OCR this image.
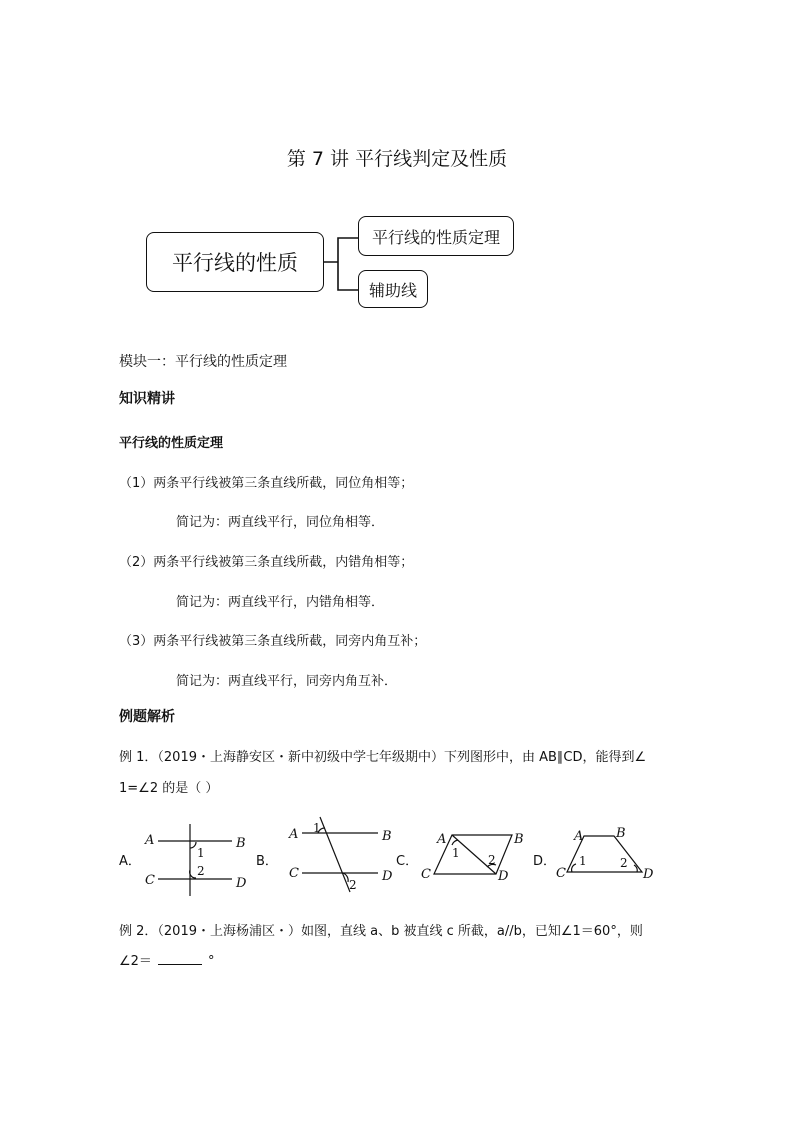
第 7 讲 平行线判定及性质
平行线的性质
平行线的性质定理
辅助线
模块一：平行线的性质定理
知识精讲
平行线的性质定理
（1）两条平行线被第三条直线所截，同位角相等；
简记为：两直线平行，同位角相等．
（2）两条平行线被第三条直线所截，内错角相等；
简记为：两直线平行，内错角相等．
（3）两条平行线被第三条直线所截，同旁内角互补；
简记为：两直线平行，同旁内角互补．
例题解析
例 1．（2019・上海静安区・新中初级中学七年级期中）下列图形中，由 AB∥CD，能得到∠
1=∠2 的是（ ）
A．	B．	C．	D．
A	B
C	D
1
2
A	B
C	D
1
2
A	B
C	D
1 2
A	B
C	D
1	2
例 2．（2019・上海杨浦区・）如图，直线 a、b 被直线 c 所截，a//b，已知∠1＝60°，则
∠2＝	°
